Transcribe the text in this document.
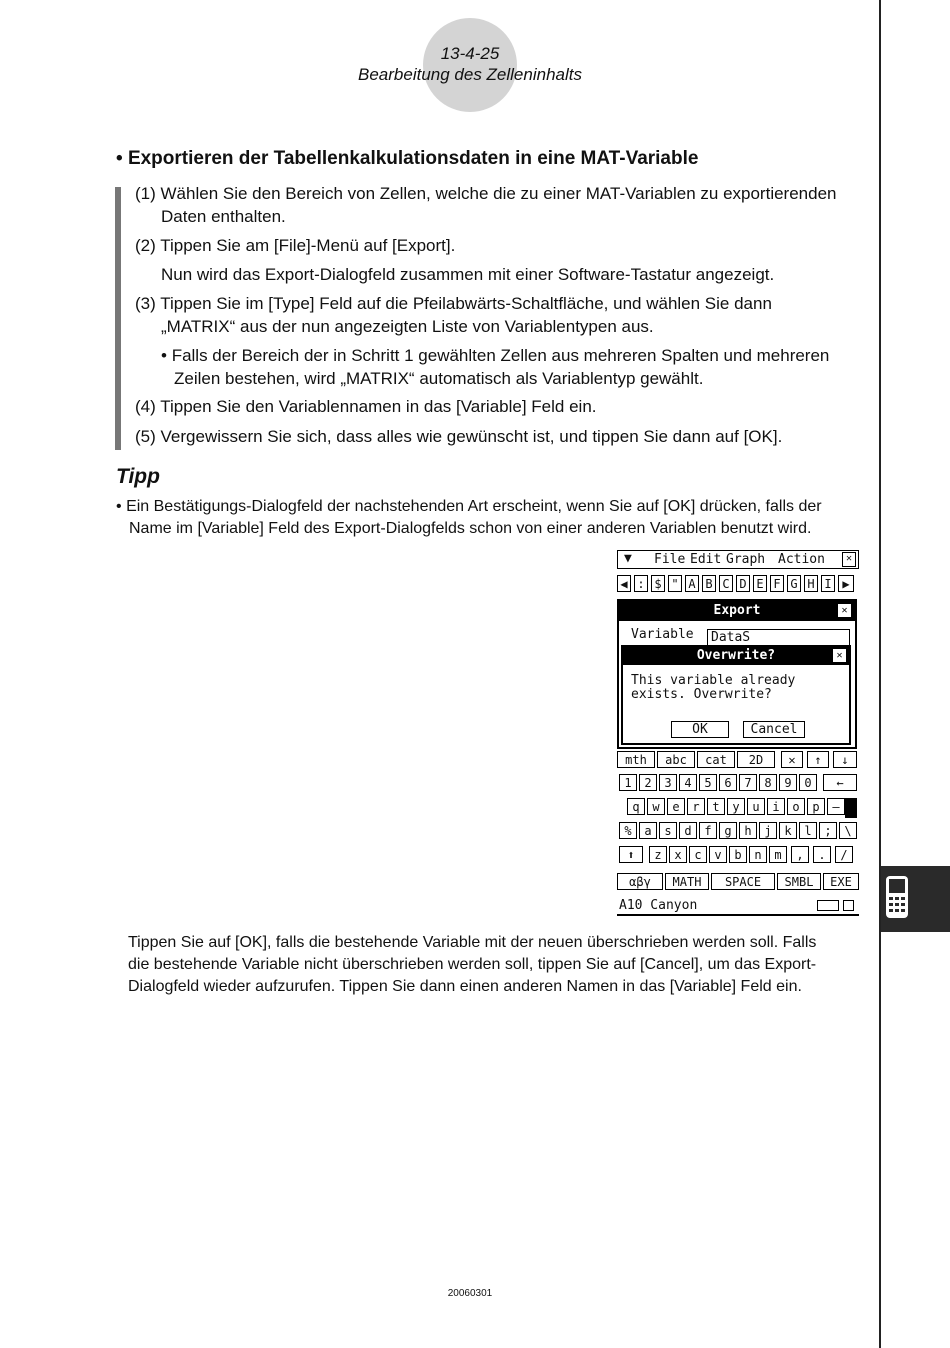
13-4-25
Bearbeitung des Zelleninhalts
• Exportieren der Tabellenkalkulationsdaten in eine MAT-Variable
(1) Wählen Sie den Bereich von Zellen, welche die zu einer MAT-Variablen zu exportierenden
Daten enthalten.
(2) Tippen Sie am [File]-Menü auf [Export].
Nun wird das Export-Dialogfeld zusammen mit einer Software-Tastatur angezeigt.
(3) Tippen Sie im [Type] Feld auf die Pfeilabwärts-Schaltfläche, und wählen Sie dann
„MATRIX“ aus der nun angezeigten Liste von Variablentypen aus.
• Falls der Bereich der in Schritt 1 gewählten Zellen aus mehreren Spalten und mehreren
Zeilen bestehen, wird „MATRIX“ automatisch als Variablentyp gewählt.
(4) Tippen Sie den Variablennamen in das [Variable] Feld ein.
(5) Vergewissern Sie sich, dass alles wie gewünscht ist, und tippen Sie dann auf [OK].
Tipp
• Ein Bestätigungs-Dialogfeld der nachstehenden Art erscheint, wenn Sie auf [OK] drücken, falls der
Name im [Variable] Feld des Export-Dialogfelds schon von einer anderen Variablen benutzt wird.
▼ File Edit Graph Action	✕
◀ : $ " A B C D E F G H I ▶
Export	✕
Variable	DataS
Overwrite?	✕
This variable already
exists. Overwrite?
OK	Cancel
mth	abc	cat	2D	✕	↑	↓
1	2	3	4	5	6	7	8	9	0	←
q	w	e	r	t	y	u	i	o	p	–
%	a	s	d	f	g	h	j	k	l	;	\
⬆	z	x	c	v	b	n	m	,	.	/
αβγ	MATH	SPACE	SMBL	EXE
A10 Canyon
Tippen Sie auf [OK], falls die bestehende Variable mit der neuen überschrieben werden soll. Falls
die bestehende Variable nicht überschrieben werden soll, tippen Sie auf [Cancel], um das Export-
Dialogfeld wieder aufzurufen. Tippen Sie dann einen anderen Namen in das [Variable] Feld ein.
20060301
